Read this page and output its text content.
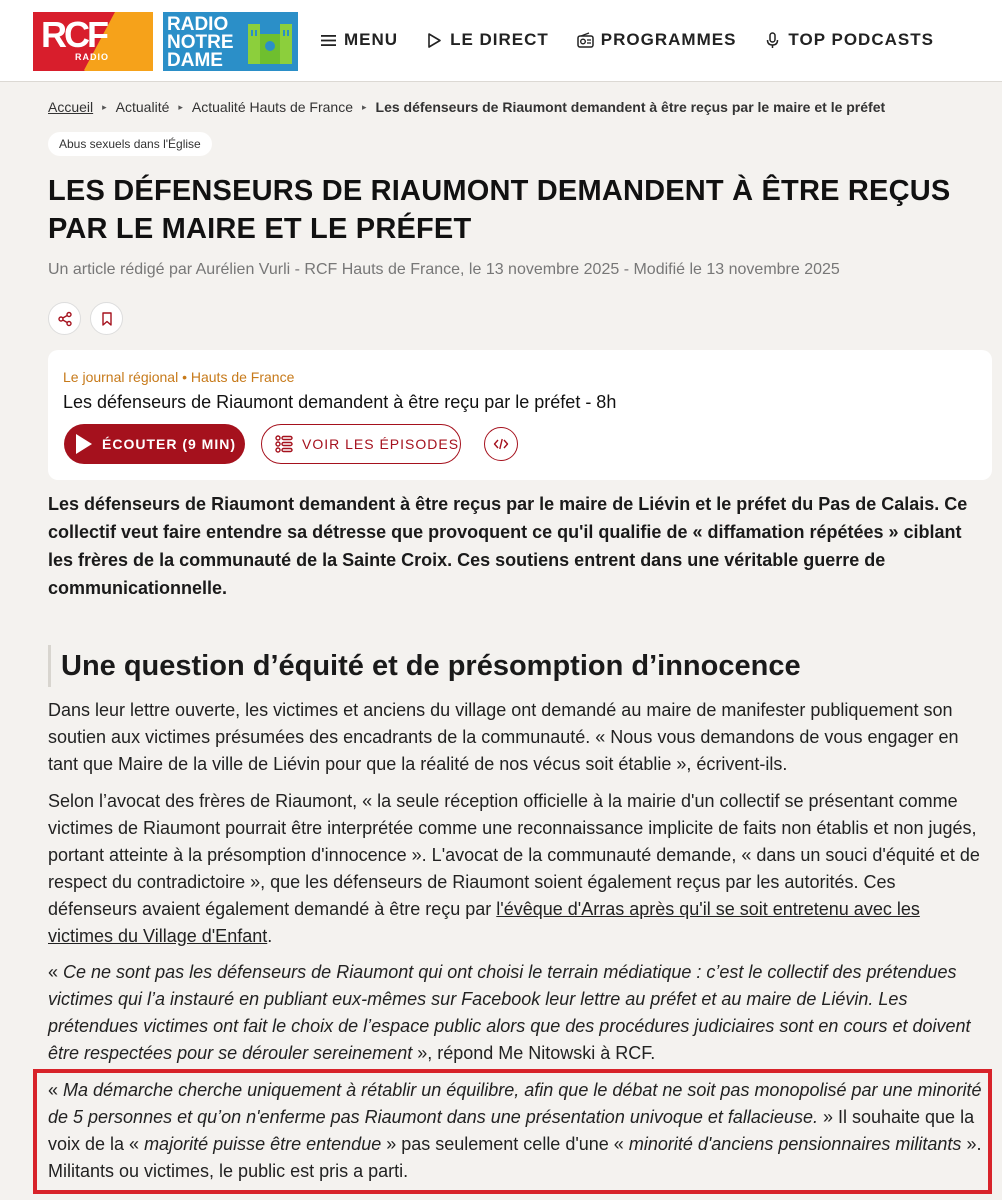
RCF
RADIO
RADIO
NOTRE
DAME
MENU	LE DIRECT	PROGRAMMES	TOP PODCASTS
Accueil ▸ Actualité ▸ Actualité Hauts de France ▸ Les défenseurs de Riaumont demandent à être reçus par le maire et le préfet
Abus sexuels dans l'Église
LES DÉFENSEURS DE RIAUMONT DEMANDENT À ÊTRE REÇUS PAR LE MAIRE ET LE PRÉFET
Un article rédigé par Aurélien Vurli - RCF Hauts de France, le 13 novembre 2025 - Modifié le 13 novembre 2025
Le journal régional • Hauts de France
Les défenseurs de Riaumont demandent à être reçu par le préfet - 8h
ÉCOUTER (9 MIN)	VOIR LES ÉPISODES

Les défenseurs de Riaumont demandent à être reçus par le maire de Liévin et le préfet du Pas de Calais. Ce collectif veut faire entendre sa détresse que provoquent ce qu'il qualifie de « diffamation répétées » ciblant les frères de la communauté de la Sainte Croix. Ces soutiens entrent dans une véritable guerre de communicationnelle.

Une question d’équité et de présomption d’innocence

Dans leur lettre ouverte, les victimes et anciens du village ont demandé au maire de manifester publiquement son soutien aux victimes présumées des encadrants de la communauté. « Nous vous demandons de vous engager en tant que Maire de la ville de Liévin pour que la réalité de nos vécus soit établie », écrivent-ils.

Selon l’avocat des frères de Riaumont, « la seule réception officielle à la mairie d'un collectif se présentant comme victimes de Riaumont pourrait être interprétée comme une reconnaissance implicite de faits non établis et non jugés, portant atteinte à la présomption d'innocence ». L'avocat de la communauté demande, « dans un souci d'équité et de respect du contradictoire », que les défenseurs de Riaumont soient également reçus par les autorités. Ces défenseurs avaient également demandé à être reçu par l'évêque d'Arras après qu'il se soit entretenu avec les victimes du Village d'Enfant.

« Ce ne sont pas les défenseurs de Riaumont qui ont choisi le terrain médiatique : c’est le collectif des prétendues victimes qui l’a instauré en publiant eux-mêmes sur Facebook leur lettre au préfet et au maire de Liévin. Les prétendues victimes ont fait le choix de l’espace public alors que des procédures judiciaires sont en cours et doivent être respectées pour se dérouler sereinement », répond Me Nitowski à RCF.

« Ma démarche cherche uniquement à rétablir un équilibre, afin que le débat ne soit pas monopolisé par une minorité de 5 personnes et qu’on n'enferme pas Riaumont dans une présentation univoque et fallacieuse. » Il souhaite que la voix de la « majorité puisse être entendue » pas seulement celle d'une « minorité d'anciens pensionnaires militants ». Militants ou victimes, le public est pris a parti.
